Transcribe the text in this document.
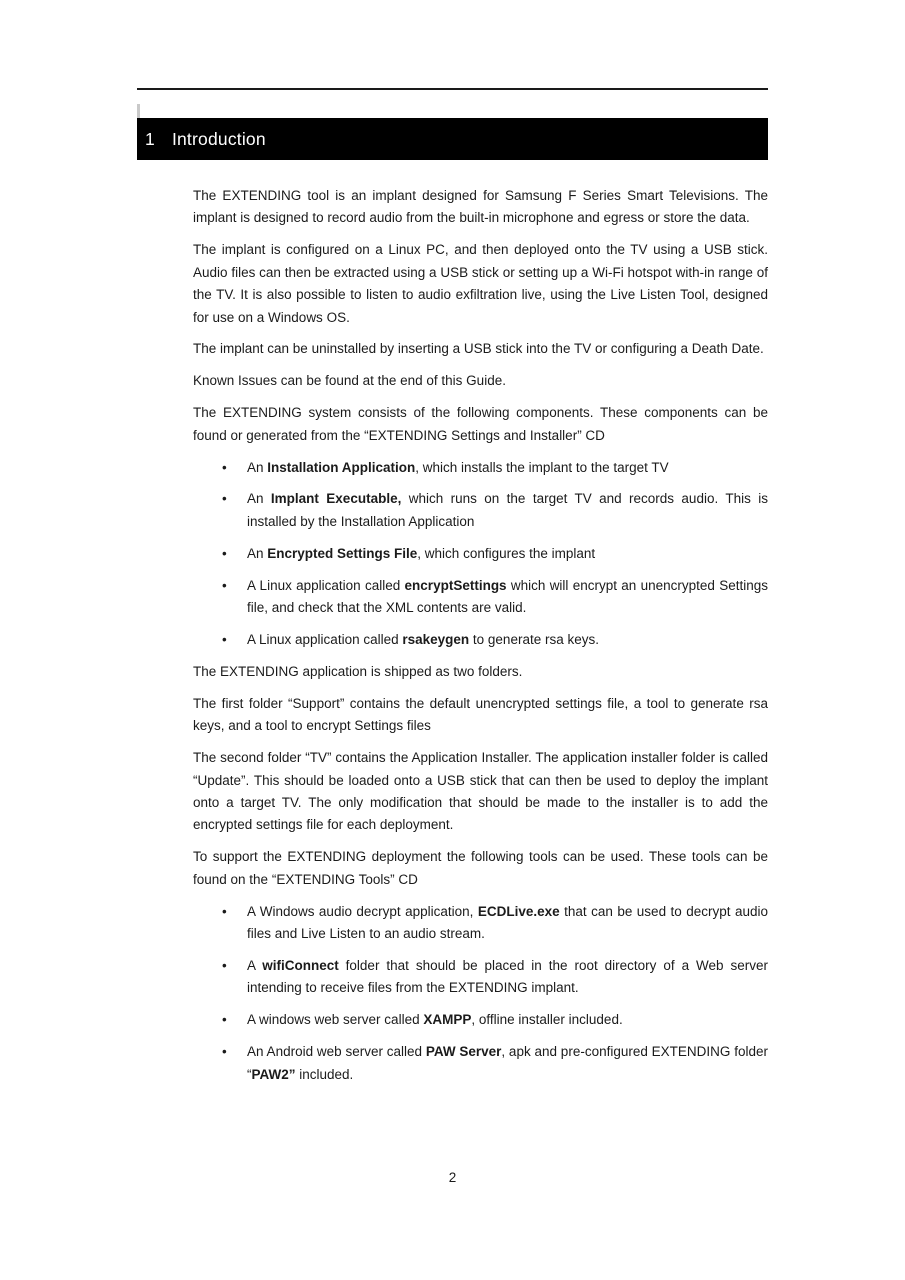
1 Introduction
The EXTENDING tool is an implant designed for Samsung F Series Smart Televisions. The implant is designed to record audio from the built-in microphone and egress or store the data.
The implant is configured on a Linux PC, and then deployed onto the TV using a USB stick. Audio files can then be extracted using a USB stick or setting up a Wi-Fi hotspot with-in range of the TV. It is also possible to listen to audio exfiltration live, using the Live Listen Tool, designed for use on a Windows OS.
The implant can be uninstalled by inserting a USB stick into the TV or configuring a Death Date.
Known Issues can be found at the end of this Guide.
The EXTENDING system consists of the following components. These components can be found or generated from the “EXTENDING Settings and Installer” CD
• An Installation Application, which installs the implant to the target TV
• An Implant Executable, which runs on the target TV and records audio. This is installed by the Installation Application
• An Encrypted Settings File, which configures the implant
• A Linux application called encryptSettings which will encrypt an unencrypted Settings file, and check that the XML contents are valid.
• A Linux application called rsakeygen to generate rsa keys.
The EXTENDING application is shipped as two folders.
The first folder “Support” contains the default unencrypted settings file, a tool to generate rsa keys, and a tool to encrypt Settings files
The second folder “TV” contains the Application Installer. The application installer folder is called “Update”. This should be loaded onto a USB stick that can then be used to deploy the implant onto a target TV. The only modification that should be made to the installer is to add the encrypted settings file for each deployment.
To support the EXTENDING deployment the following tools can be used. These tools can be found on the “EXTENDING Tools” CD
• A Windows audio decrypt application, ECDLive.exe that can be used to decrypt audio files and Live Listen to an audio stream.
• A wifiConnect folder that should be placed in the root directory of a Web server intending to receive files from the EXTENDING implant.
• A windows web server called XAMPP, offline installer included.
• An Android web server called PAW Server, apk and pre-configured EXTENDING folder “PAW2” included.
2
